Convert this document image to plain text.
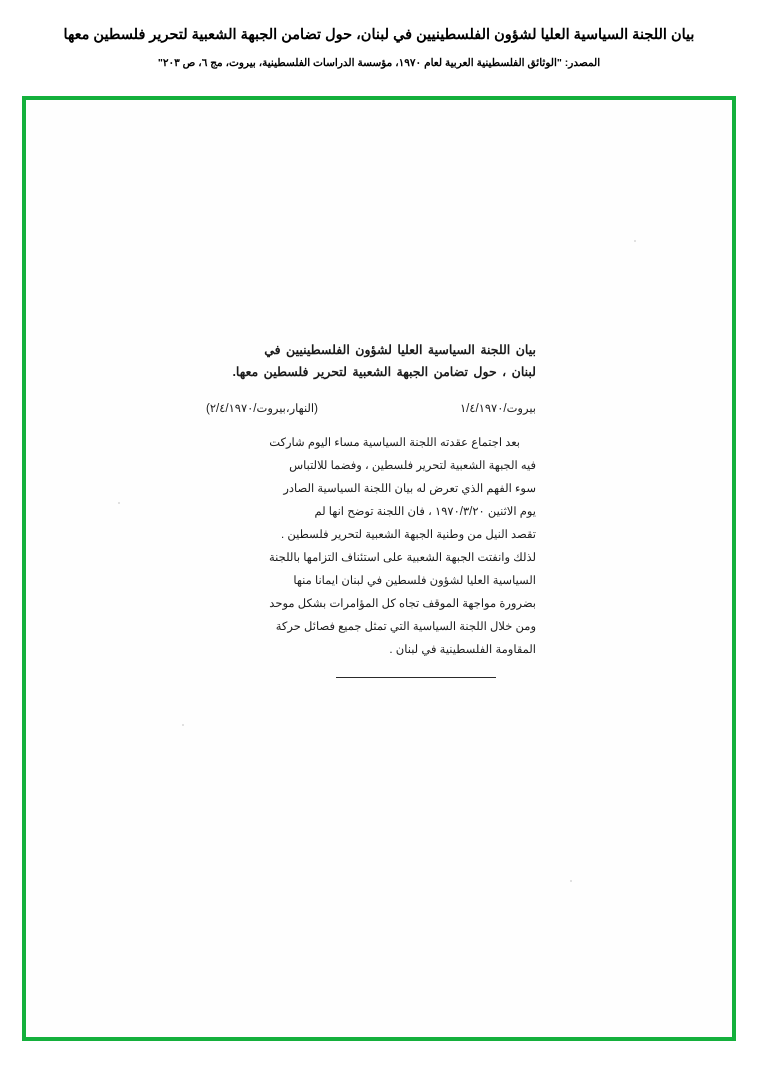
بيان اللجنة السياسية العليا لشؤون الفلسطينيين في لبنان، حول تضامن الجبهة الشعبية لتحرير فلسطين معها
المصدر: "الوثائق الفلسطينية العربية لعام ١٩٧٠، مؤسسة الدراسات الفلسطينية، بيروت، مج ٦، ص ٢٠٣"
بيان اللجنة السياسية العليا لشؤون الفلسطينيين في
لبنان ، حول تضامن الجبهة الشعبية لتحرير فلسطين معها.
بيروت/١/٤/١٩٧٠
(النهار،بيروت/٢/٤/١٩٧٠)
بعد اجتماع عقدته اللجنة السياسية مساء اليوم شاركت
فيه الجبهة الشعبية لتحرير فلسطين ، وفضما للالتباس
سوء الفهم الذي تعرض له بيان اللجنة السياسية الصادر
يوم الاثنين ١٩٧٠/٣/٢٠ ، فان اللجنة توضح انها لم
تقصد النيل من وطنية الجبهة الشعبية لتحرير فلسطين .
لذلك وانفتت الجبهة الشعبية على استئناف التزامها باللجنة
السياسية العليا لشؤون فلسطين في لبنان ايمانا منها
بضرورة مواجهة الموقف تجاه كل المؤامرات بشكل موحد
ومن خلال اللجنة السياسية التي تمثل جميع فصائل حركة
المقاومة الفلسطينية في لبنان .
